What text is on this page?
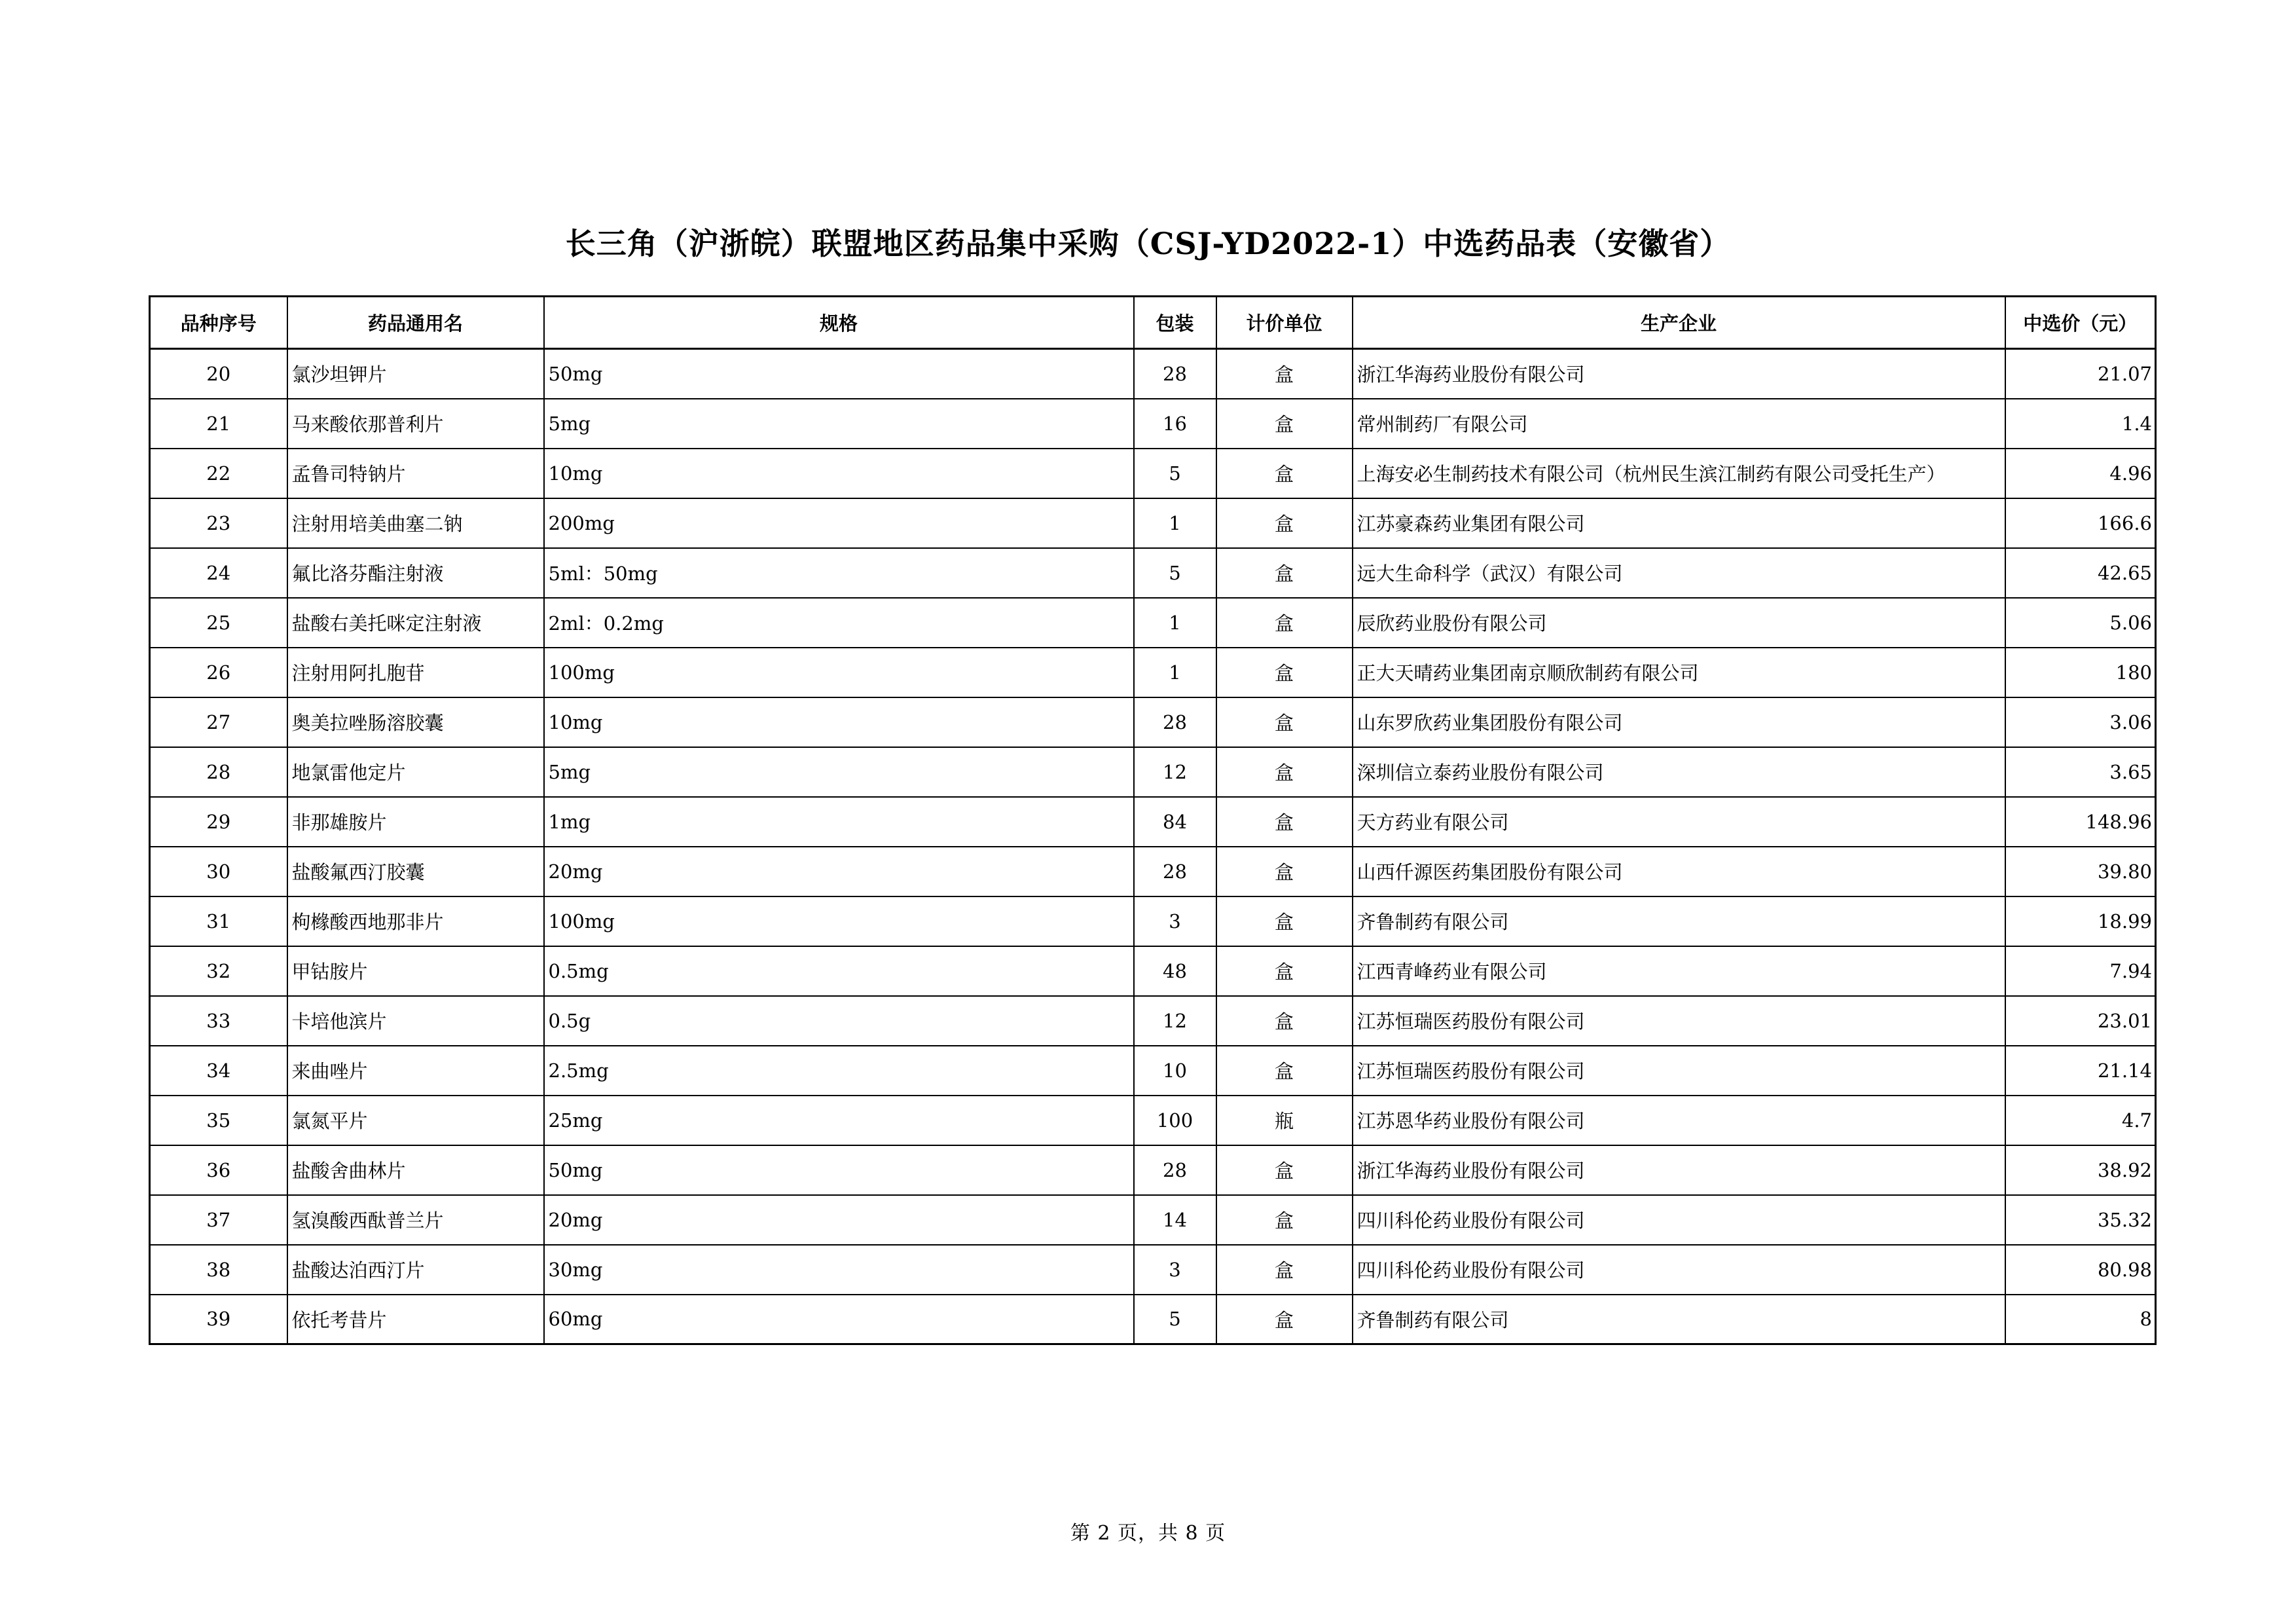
长三角（沪浙皖）联盟地区药品集中采购（CSJ-YD2022-1）中选药品表（安徽省）
品种序号	药品通用名	规格	包装	计价单位	生产企业	中选价（元）
20	氯沙坦钾片	50mg	28	盒	浙江华海药业股份有限公司	21.07
21	马来酸依那普利片	5mg	16	盒	常州制药厂有限公司	1.4
22	孟鲁司特钠片	10mg	5	盒	上海安必生制药技术有限公司（杭州民生滨江制药有限公司受托生产）	4.96
23	注射用培美曲塞二钠	200mg	1	盒	江苏豪森药业集团有限公司	166.6
24	氟比洛芬酯注射液	5ml：50mg	5	盒	远大生命科学（武汉）有限公司	42.65
25	盐酸右美托咪定注射液	2ml：0.2mg	1	盒	辰欣药业股份有限公司	5.06
26	注射用阿扎胞苷	100mg	1	盒	正大天晴药业集团南京顺欣制药有限公司	180
27	奥美拉唑肠溶胶囊	10mg	28	盒	山东罗欣药业集团股份有限公司	3.06
28	地氯雷他定片	5mg	12	盒	深圳信立泰药业股份有限公司	3.65
29	非那雄胺片	1mg	84	盒	天方药业有限公司	148.96
30	盐酸氟西汀胶囊	20mg	28	盒	山西仟源医药集团股份有限公司	39.80
31	枸橼酸西地那非片	100mg	3	盒	齐鲁制药有限公司	18.99
32	甲钴胺片	0.5mg	48	盒	江西青峰药业有限公司	7.94
33	卡培他滨片	0.5g	12	盒	江苏恒瑞医药股份有限公司	23.01
34	来曲唑片	2.5mg	10	盒	江苏恒瑞医药股份有限公司	21.14
35	氯氮平片	25mg	100	瓶	江苏恩华药业股份有限公司	4.7
36	盐酸舍曲林片	50mg	28	盒	浙江华海药业股份有限公司	38.92
37	氢溴酸西酞普兰片	20mg	14	盒	四川科伦药业股份有限公司	35.32
38	盐酸达泊西汀片	30mg	3	盒	四川科伦药业股份有限公司	80.98
39	依托考昔片	60mg	5	盒	齐鲁制药有限公司	8
第 2 页，共 8 页
